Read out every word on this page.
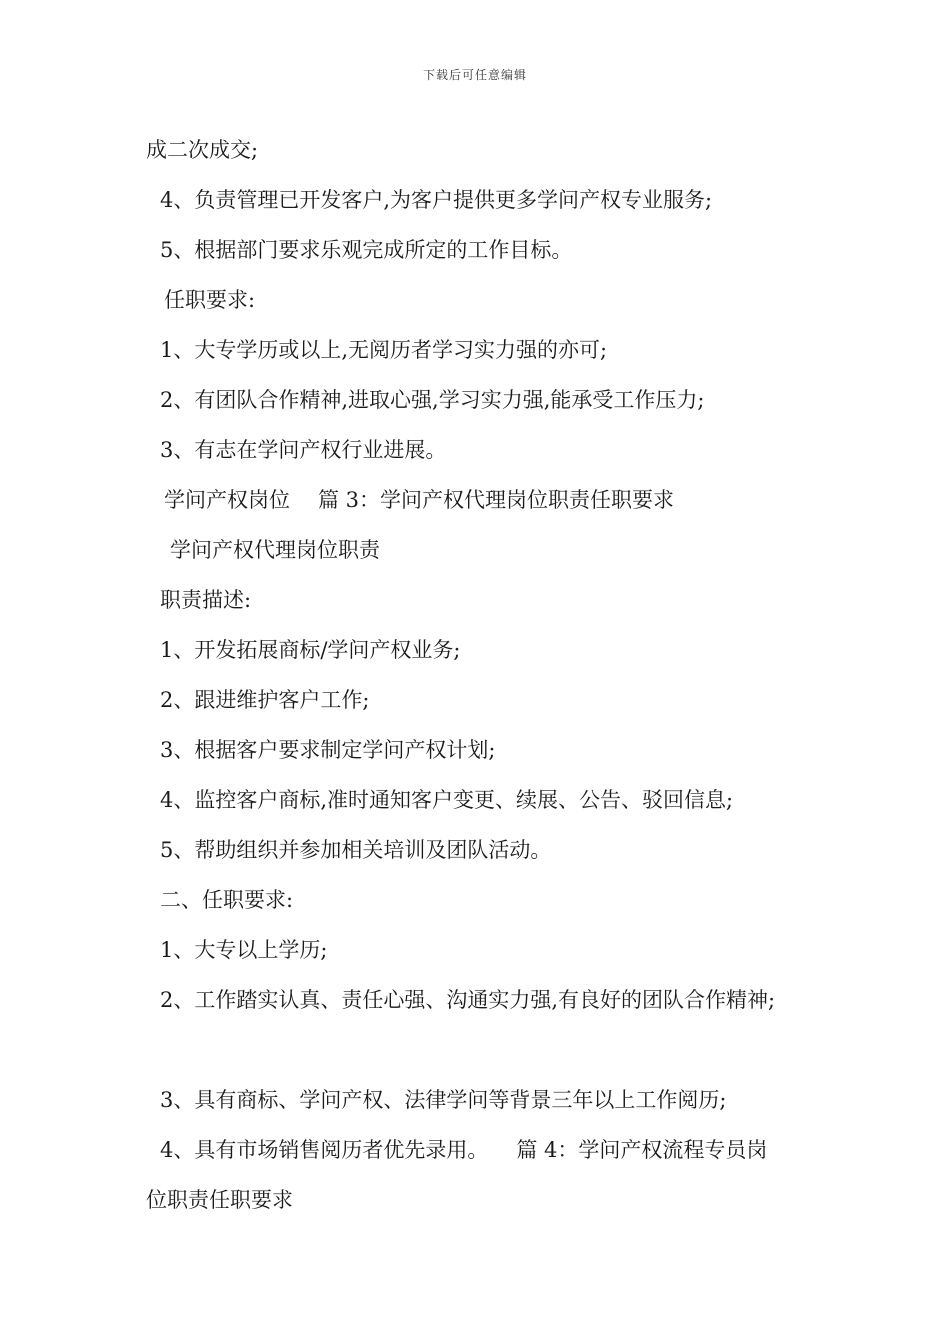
下载后可任意编辑
成二次成交;
4、负责管理已开发客户,为客户提供更多学问产权专业服务;
5、根据部门要求乐观完成所定的工作目标。
任职要求:
1、大专学历或以上,无阅历者学习实力强的亦可;
2、有团队合作精神,进取心强,学习实力强,能承受工作压力;
3、有志在学问产权行业进展。
学问产权岗位 篇 3：学问产权代理岗位职责任职要求
学问产权代理岗位职责
职责描述:
1、开发拓展商标/学问产权业务;
2、跟进维护客户工作;
3、根据客户要求制定学问产权计划;
4、监控客户商标,准时通知客户变更、续展、公告、驳回信息;
5、帮助组织并参加相关培训及团队活动。
二、任职要求:
1、大专以上学历;
2、工作踏实认真、责任心强、沟通实力强,有良好的团队合作精神;
3、具有商标、学问产权、法律学问等背景三年以上工作阅历;
4、具有市场销售阅历者优先录用。 篇 4：学问产权流程专员岗
位职责任职要求
